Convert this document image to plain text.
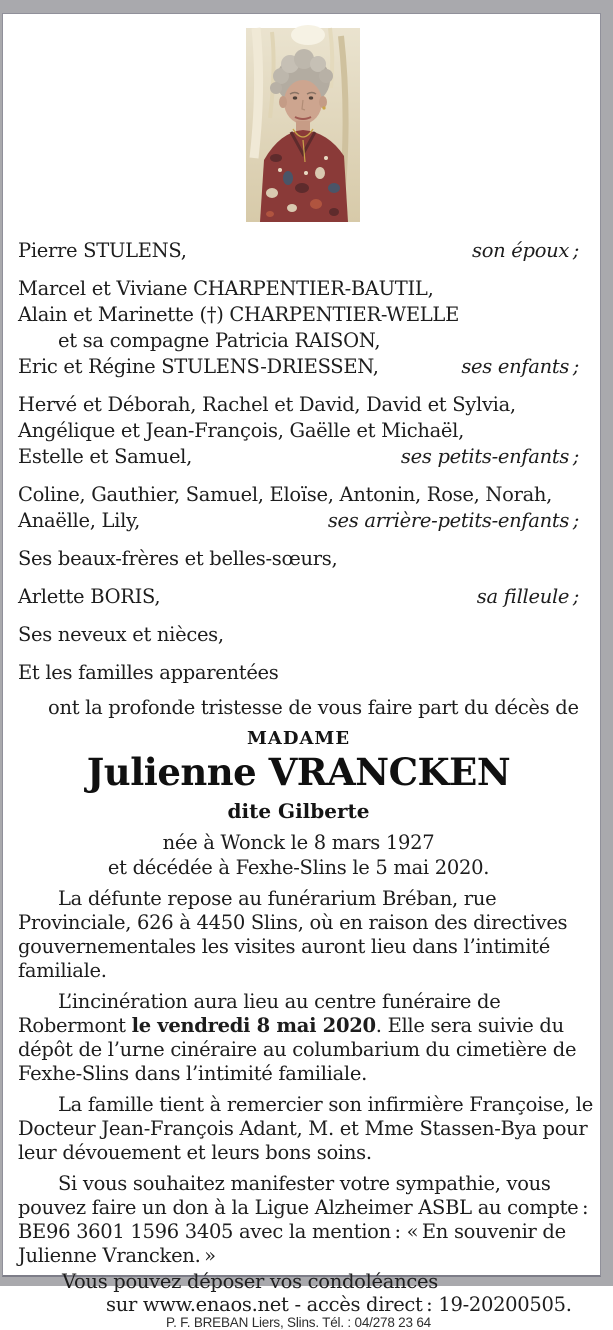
Pierre STULENS,	son époux ;
Marcel et Viviane CHARPENTIER-BAUTIL,
Alain et Marinette (†) CHARPENTIER-WELLE
et sa compagne Patricia RAISON,
Eric et Régine STULENS-DRIESSEN,	ses enfants ;
Hervé et Déborah, Rachel et David, David et Sylvia,
Angélique et Jean-François, Gaëlle et Michaël,
Estelle et Samuel,	ses petits-enfants ;
Coline, Gauthier, Samuel, Eloïse, Antonin, Rose, Norah,
Anaëlle, Lily,	ses arrière-petits-enfants ;
Ses beaux-frères et belles-sœurs,
Arlette BORIS,	sa filleule ;
Ses neveux et nièces,
Et les familles apparentées
ont la profonde tristesse de vous faire part du décès de
MADAME
Julienne VRANCKEN
dite Gilberte
née à Wonck le 8 mars 1927
et décédée à Fexhe-Slins le 5 mai 2020.
La défunte repose au funérarium Bréban, rue
Provinciale, 626 à 4450 Slins, où en raison des directives
gouvernementales les visites auront lieu dans l’intimité
familiale.
L’incinération aura lieu au centre funéraire de
Robermont le vendredi 8 mai 2020. Elle sera suivie du
dépôt de l’urne cinéraire au columbarium du cimetière de
Fexhe-Slins dans l’intimité familiale.
La famille tient à remercier son infirmière Françoise, le
Docteur Jean-François Adant, M. et Mme Stassen-Bya pour
leur dévouement et leurs bons soins.
Si vous souhaitez manifester votre sympathie, vous
pouvez faire un don à la Ligue Alzheimer ASBL au compte :
BE96 3601 1596 3405 avec la mention : « En souvenir de
Julienne Vrancken. »
Vous pouvez déposer vos condoléances
sur www.enaos.net - accès direct : 19-20200505.
P. F. BREBAN Liers, Slins. Tél. : 04/278 23 64
